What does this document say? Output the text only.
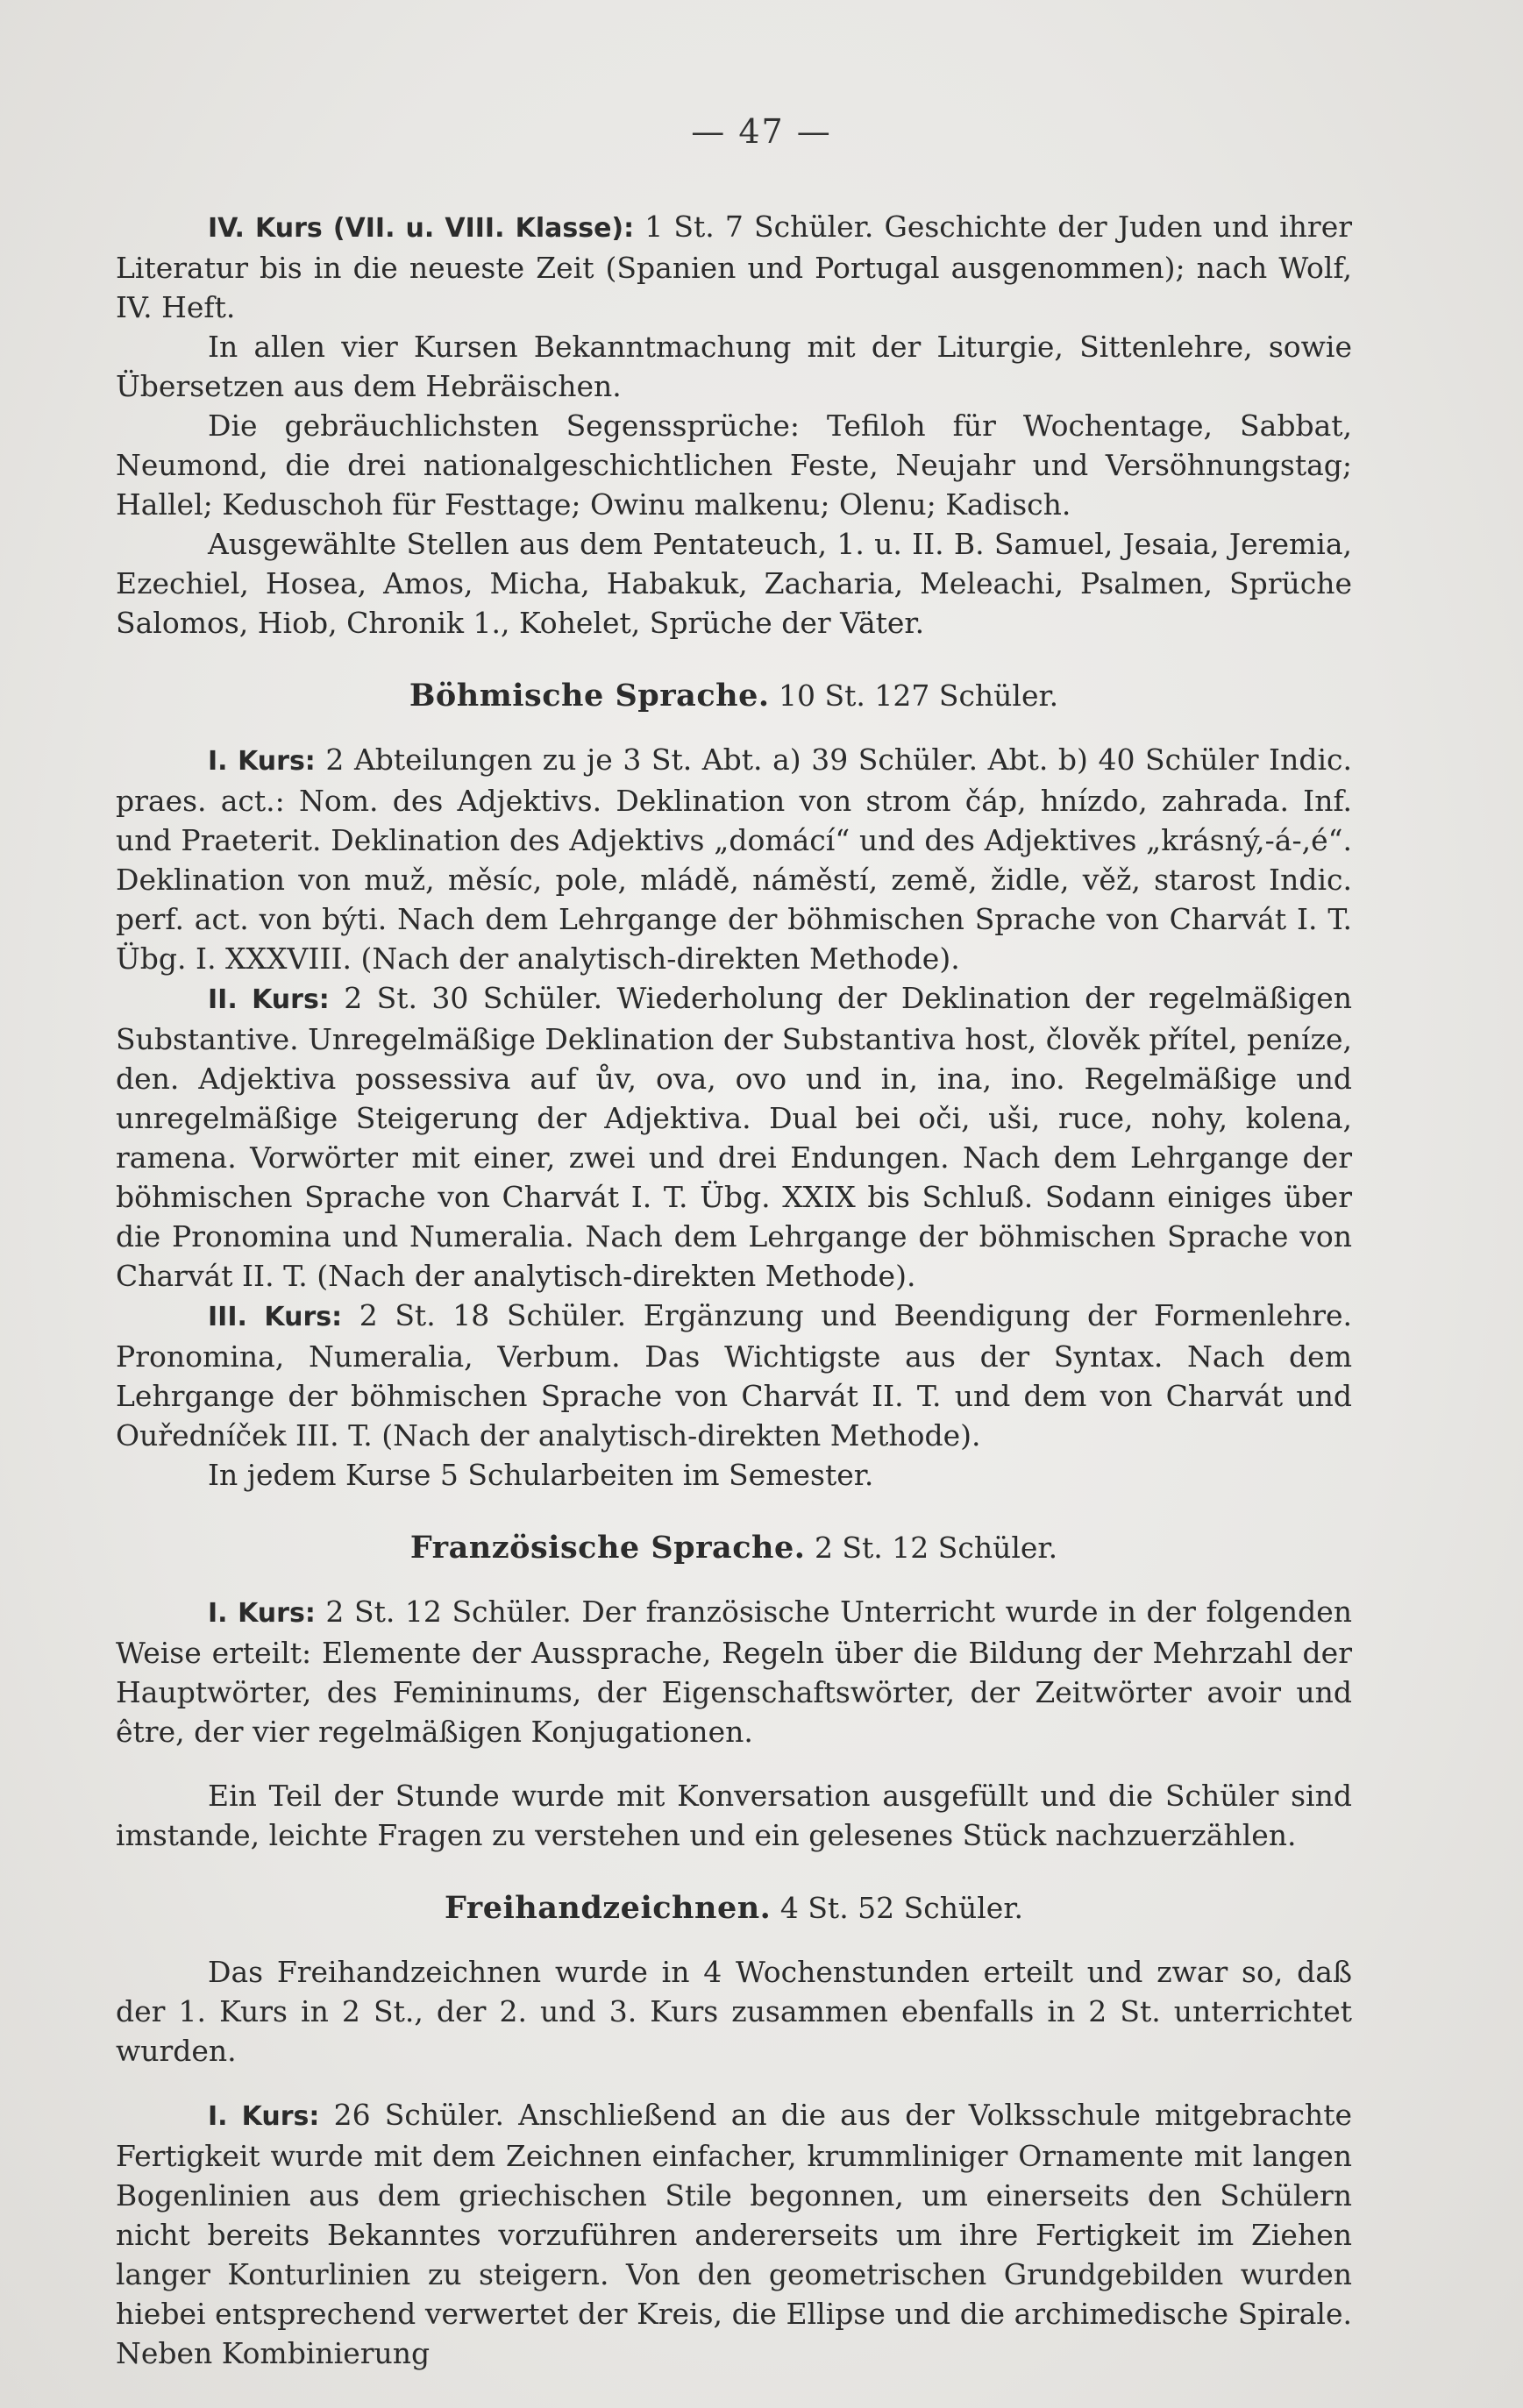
— 47 —

IV. Kurs (VII. u. VIII. Klasse): 1 St. 7 Schüler. Geschichte der Juden und ihrer Literatur bis in die neueste Zeit (Spanien und Portugal ausgenommen); nach Wolf, IV. Heft.

In allen vier Kursen Bekanntmachung mit der Liturgie, Sittenlehre, sowie Übersetzen aus dem Hebräischen.

Die gebräuchlichsten Segenssprüche: Tefiloh für Wochentage, Sabbat, Neumond, die drei nationalgeschichtlichen Feste, Neujahr und Versöhnungstag; Hallel; Keduschoh für Festtage; Owinu malkenu; Olenu; Kadisch.

Ausgewählte Stellen aus dem Pentateuch, 1. u. II. B. Samuel, Jesaia, Jeremia, Ezechiel, Hosea, Amos, Micha, Habakuk, Zacharia, Meleachi, Psalmen, Sprüche Salomos, Hiob, Chronik 1., Kohelet, Sprüche der Väter.

Böhmische Sprache. 10 St. 127 Schüler.

I. Kurs: 2 Abteilungen zu je 3 St. Abt. a) 39 Schüler. Abt. b) 40 Schüler Indic. praes. act.: Nom. des Adjektivs. Deklination von strom čáp, hnízdo, zahrada. Inf. und Praeterit. Deklination des Adjektivs „domácí“ und des Adjektives „krásný,-á-,é“. Deklination von muž, měsíc, pole, mládě, náměstí, země, židle, věž, starost Indic. perf. act. von býti. Nach dem Lehrgange der böhmischen Sprache von Charvát I. T. Übg. I. XXXVIII. (Nach der analytisch-direkten Methode).

II. Kurs: 2 St. 30 Schüler. Wiederholung der Deklination der regelmäßigen Substantive. Unregelmäßige Deklination der Substantiva host, člověk přítel, peníze, den. Adjektiva possessiva auf ův, ova, ovo und in, ina, ino. Regelmäßige und unregelmäßige Steigerung der Adjektiva. Dual bei oči, uši, ruce, nohy, kolena, ramena. Vorwörter mit einer, zwei und drei Endungen. Nach dem Lehrgange der böhmischen Sprache von Charvát I. T. Übg. XXIX bis Schluß. Sodann einiges über die Pronomina und Numeralia. Nach dem Lehrgange der böhmischen Sprache von Charvát II. T. (Nach der analytisch-direkten Methode).

III. Kurs: 2 St. 18 Schüler. Ergänzung und Beendigung der Formenlehre. Pronomina, Numeralia, Verbum. Das Wichtigste aus der Syntax. Nach dem Lehrgange der böhmischen Sprache von Charvát II. T. und dem von Charvát und Ouředníček III. T. (Nach der analytisch-direkten Methode).

In jedem Kurse 5 Schularbeiten im Semester.

Französische Sprache. 2 St. 12 Schüler.

I. Kurs: 2 St. 12 Schüler. Der französische Unterricht wurde in der folgenden Weise erteilt: Elemente der Aussprache, Regeln über die Bildung der Mehrzahl der Hauptwörter, des Femininums, der Eigenschaftswörter, der Zeitwörter avoir und être, der vier regelmäßigen Konjugationen.

Ein Teil der Stunde wurde mit Konversation ausgefüllt und die Schüler sind imstande, leichte Fragen zu verstehen und ein gelesenes Stück nachzuerzählen.

Freihandzeichnen. 4 St. 52 Schüler.

Das Freihandzeichnen wurde in 4 Wochenstunden erteilt und zwar so, daß der 1. Kurs in 2 St., der 2. und 3. Kurs zusammen ebenfalls in 2 St. unterrichtet wurden.

I. Kurs: 26 Schüler. Anschließend an die aus der Volksschule mitgebrachte Fertigkeit wurde mit dem Zeichnen einfacher, krummliniger Ornamente mit langen Bogenlinien aus dem griechischen Stile begonnen, um einerseits den Schülern nicht bereits Bekanntes vorzuführen andererseits um ihre Fertigkeit im Ziehen langer Konturlinien zu steigern. Von den geometrischen Grundgebilden wurden hiebei entsprechend verwertet der Kreis, die Ellipse und die archimedische Spirale. Neben Kombinierung
